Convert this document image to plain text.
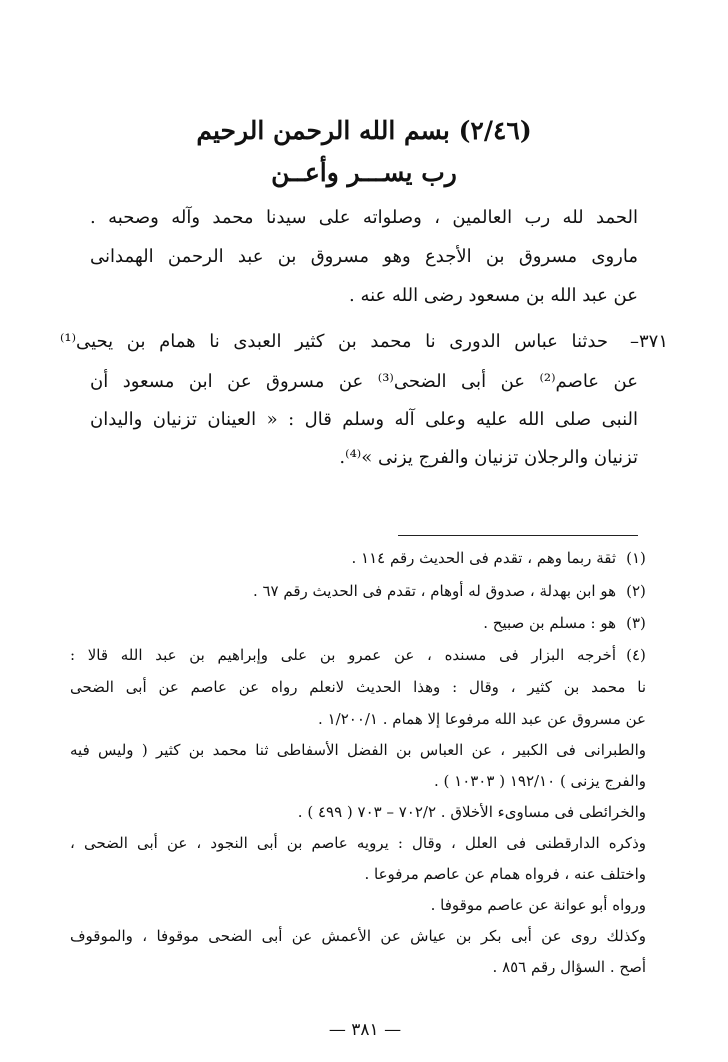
(٢/٤٦) بسم الله الرحمن الرحيم
رب يســـر وأعــن
الحمد لله رب العالمين ، وصلواته على سيدنا محمد وآله وصحبه .
ماروى مسروق بن الأجدع وهو مسروق بن عبد الرحمن الهمدانى
عن عبد الله بن مسعود رضى الله عنه .
٣٧١–
حدثنا عباس الدورى نا محمد بن كثير العبدى نا همام بن يحيى⁽¹⁾
عن عاصم⁽²⁾ عن أبى الضحى⁽³⁾ عن مسروق عن ابن مسعود أن
النبى صلى الله عليه وعلى آله وسلم قال : « العينان تزنيان واليدان
تزنيان والرجلان تزنيان والفرج يزنى »⁽⁴⁾.
(١)
ثقة ربما وهم ، تقدم فى الحديث رقم ١١٤ .
(٢)
هو ابن بهدلة ، صدوق له أوهام ، تقدم فى الحديث رقم ٦٧ .
(٣)
هو : مسلم بن صبيح .
(٤)
أخرجه البزار فى مسنده ، عن عمرو بن على وإبراهيم بن عبد الله قالا :
نا محمد بن كثير ، وقال : وهذا الحديث لانعلم رواه عن عاصم عن أبى الضحى
عن مسروق عن عبد الله مرفوعا إلا همام . ١/٢٠٠/١ .
والطبرانى فى الكبير ، عن العباس بن الفضل الأسفاطى ثنا محمد بن كثير ( وليس فيه
والفرج يزنى ) ١٩٢/١٠ ( ١٠٣٠٣ ) .
والخرائطى فى مساوىء الأخلاق . ٧٠٢/٢ – ٧٠٣ ( ٤٩٩ ) .
وذكره الدارقطنى فى العلل ، وقال : يرويه عاصم بن أبى النجود ، عن أبى الضحى ،
واختلف عنه ، فرواه همام عن عاصم مرفوعا .
ورواه أبو عوانة عن عاصم موقوفا .
وكذلك روى عن أبى بكر بن عياش عن الأعمش عن أبى الضحى موقوفا ، والموقوف
أصح . السؤال رقم ٨٥٦ .
— ٣٨١ —
